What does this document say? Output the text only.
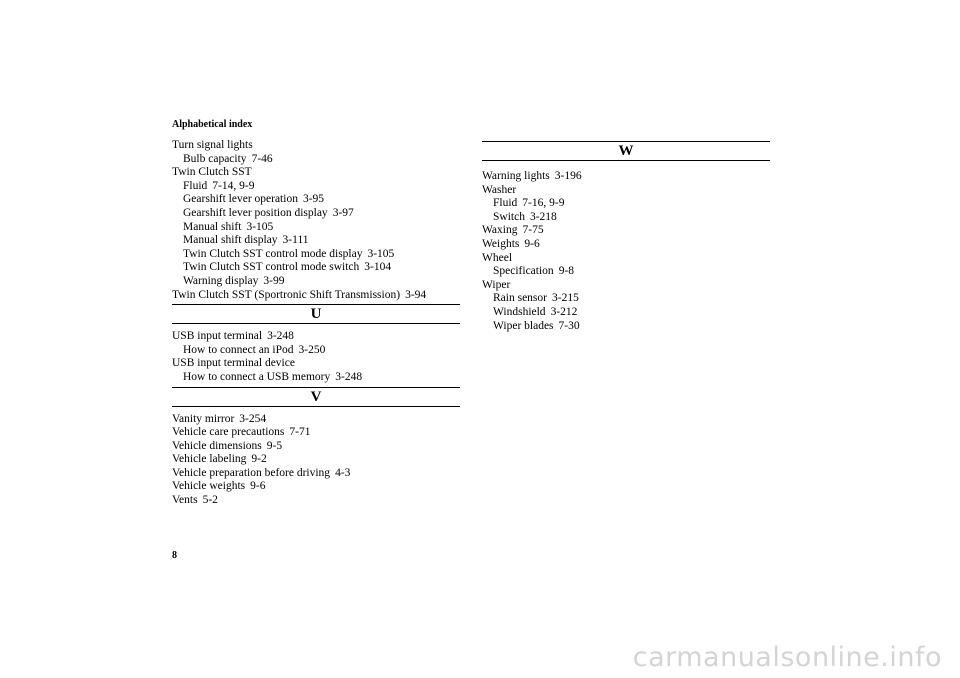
Alphabetical index
Turn signal lights
Bulb capacity 7-46
Twin Clutch SST
Fluid 7-14, 9-9
Gearshift lever operation 3-95
Gearshift lever position display 3-97
Manual shift 3-105
Manual shift display 3-111
Twin Clutch SST control mode display 3-105
Twin Clutch SST control mode switch 3-104
Warning display 3-99
Twin Clutch SST (Sportronic Shift Transmission) 3-94
U
USB input terminal 3-248
How to connect an iPod 3-250
USB input terminal device
How to connect a USB memory 3-248
V
Vanity mirror 3-254
Vehicle care precautions 7-71
Vehicle dimensions 9-5
Vehicle labeling 9-2
Vehicle preparation before driving 4-3
Vehicle weights 9-6
Vents 5-2
W
Warning lights 3-196
Washer
Fluid 7-16, 9-9
Switch 3-218
Waxing 7-75
Weights 9-6
Wheel
Specification 9-8
Wiper
Rain sensor 3-215
Windshield 3-212
Wiper blades 7-30
8
carmanualsonline.info
